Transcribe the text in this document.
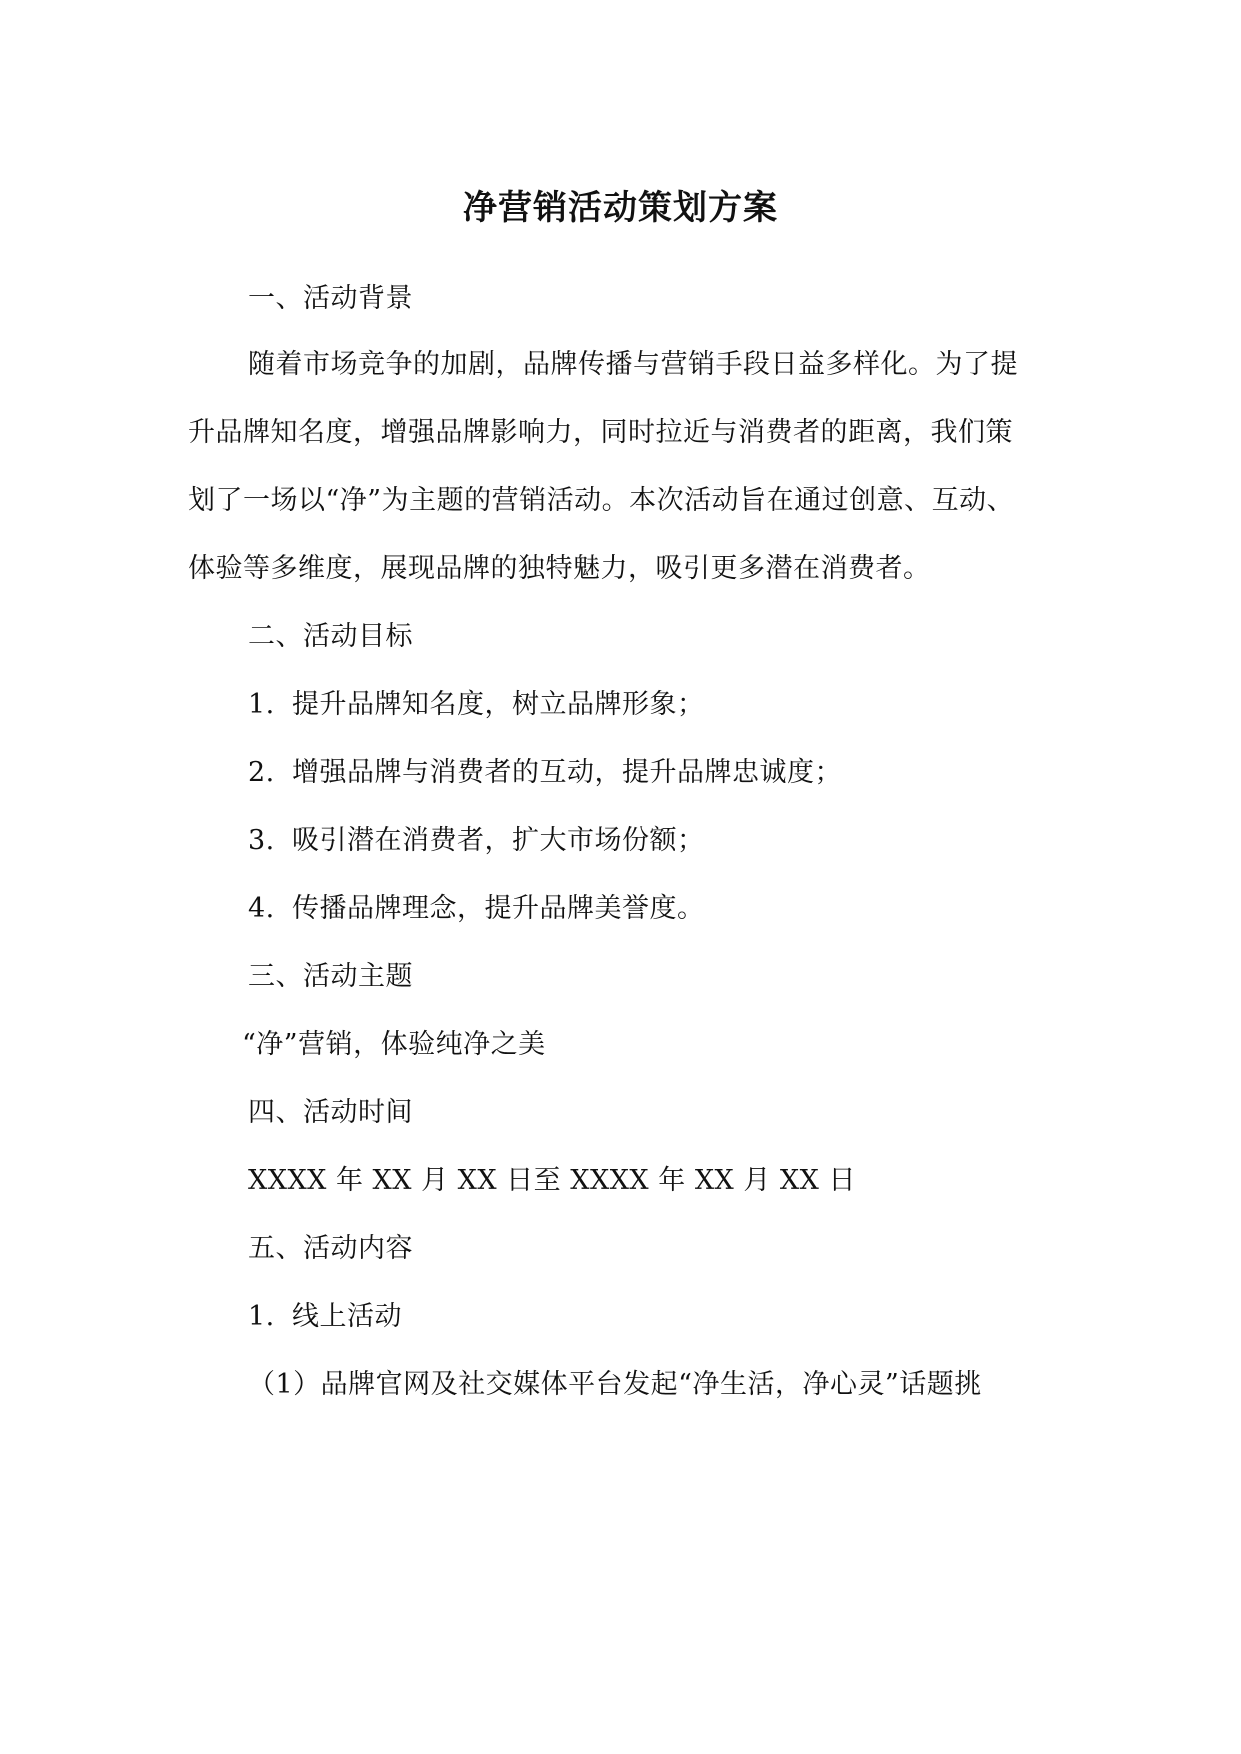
净营销活动策划方案
一、活动背景
随着市场竞争的加剧，品牌传播与营销手段日益多样化。为了提
升品牌知名度，增强品牌影响力，同时拉近与消费者的距离，我们策
划了一场以“净”为主题的营销活动。本次活动旨在通过创意、互动、
体验等多维度，展现品牌的独特魅力，吸引更多潜在消费者。
二、活动目标
1. 提升品牌知名度，树立品牌形象；
2. 增强品牌与消费者的互动，提升品牌忠诚度；
3. 吸引潜在消费者，扩大市场份额；
4. 传播品牌理念，提升品牌美誉度。
三、活动主题
“净”营销，体验纯净之美
四、活动时间
XXXX 年 XX 月 XX 日至 XXXX 年 XX 月 XX 日
五、活动内容
1. 线上活动
（1）品牌官网及社交媒体平台发起“净生活，净心灵”话题挑
